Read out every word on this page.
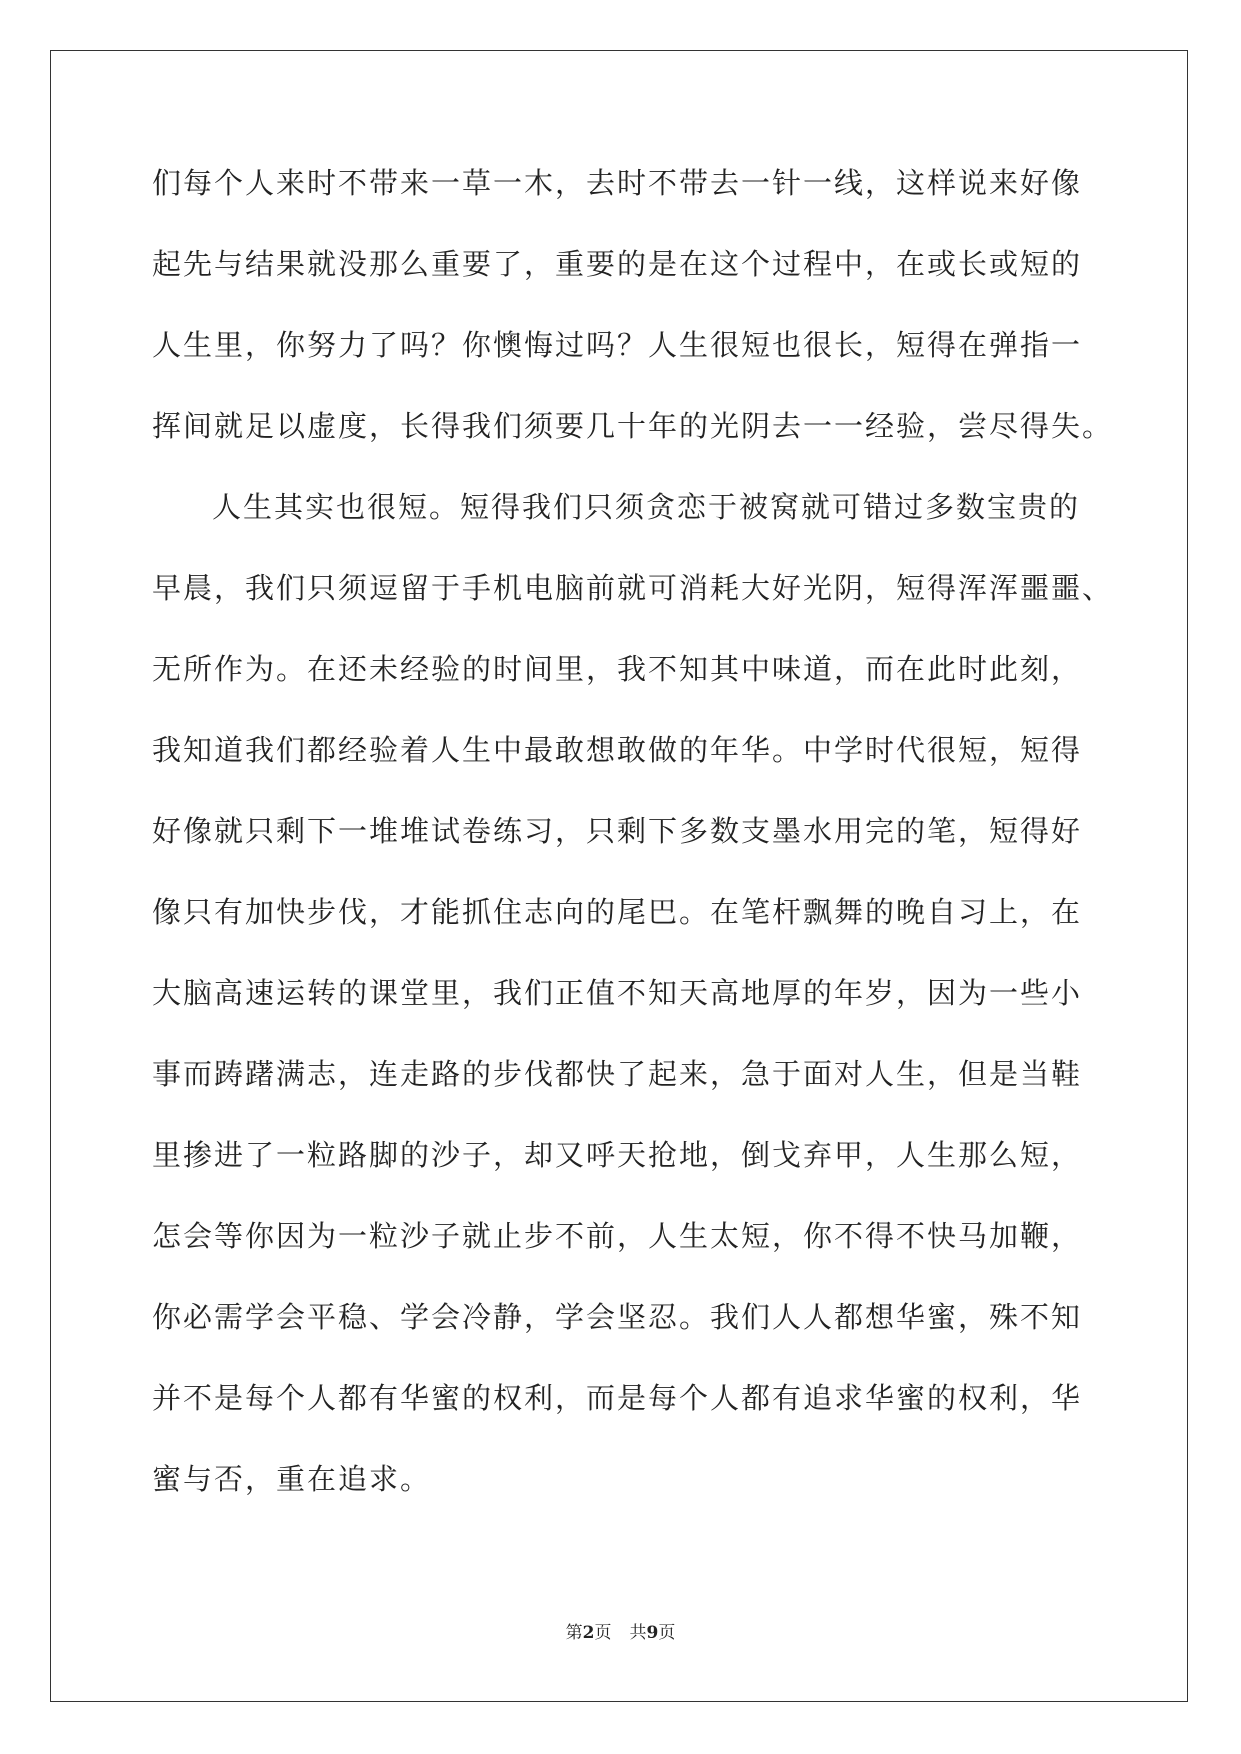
们每个人来时不带来一草一木，去时不带去一针一线，这样说来好像
起先与结果就没那么重要了，重要的是在这个过程中，在或长或短的
人生里，你努力了吗？你懊悔过吗？人生很短也很长，短得在弹指一
挥间就足以虚度，长得我们须要几十年的光阴去一一经验，尝尽得失。
人生其实也很短。短得我们只须贪恋于被窝就可错过多数宝贵的
早晨，我们只须逗留于手机电脑前就可消耗大好光阴，短得浑浑噩噩、
无所作为。在还未经验的时间里，我不知其中味道，而在此时此刻，
我知道我们都经验着人生中最敢想敢做的年华。中学时代很短，短得
好像就只剩下一堆堆试卷练习，只剩下多数支墨水用完的笔，短得好
像只有加快步伐，才能抓住志向的尾巴。在笔杆飘舞的晚自习上，在
大脑高速运转的课堂里，我们正值不知天高地厚的年岁，因为一些小
事而踌躇满志，连走路的步伐都快了起来，急于面对人生，但是当鞋
里掺进了一粒路脚的沙子，却又呼天抢地，倒戈弃甲，人生那么短，
怎会等你因为一粒沙子就止步不前，人生太短，你不得不快马加鞭，
你必需学会平稳、学会冷静，学会坚忍。我们人人都想华蜜，殊不知
并不是每个人都有华蜜的权利，而是每个人都有追求华蜜的权利，华
蜜与否，重在追求。
第2页 共9页
